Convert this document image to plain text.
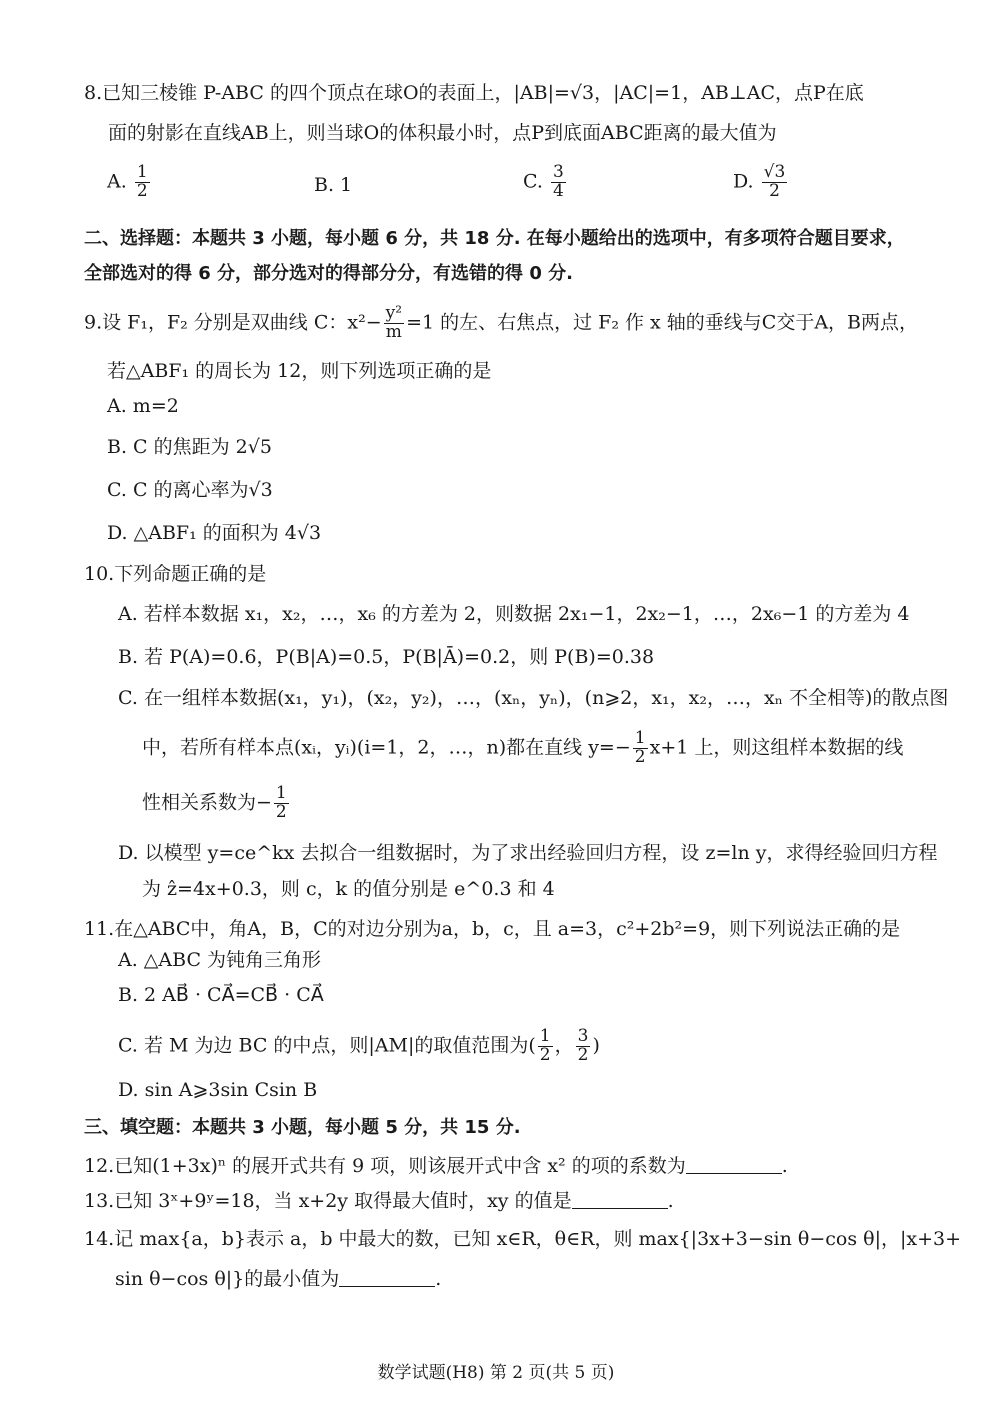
8.已知三棱锥 P-ABC 的四个顶点在球O的表面上，|AB|=√3，|AC|=1，AB⊥AC，点P在底
面的射影在直线AB上，则当球O的体积最小时，点P到底面ABC距离的最大值为
A. $\frac{1}{2}$	B. 1	C. $\frac{3}{4}$	D. $\frac{√3}{2}$
二、选择题：本题共 3 小题，每小题 6 分，共 18 分. 在每小题给出的选项中，有多项符合题目要求，
全部选对的得 6 分，部分选对的得部分分，有选错的得 0 分.
9.设 F₁，F₂ 分别是双曲线 C：$x^2- \frac{\text{y²}}{m} =1$ 的左、右焦点，过 F₂ 作 x 轴的垂线与C交于A，B两点，
若△ABF₁ 的周长为 12，则下列选项正确的是
A. m=2
B. C 的焦距为 2√5
C. C 的离心率为√3
D. △ABF₁ 的面积为 4√3
10.下列命题正确的是
A. 若样本数据 x₁，x₂，…，x₆ 的方差为 2，则数据 2x₁−1，2x₂−1，…，2x₆−1 的方差为 4
B. 若 P(A)=0.6，P(B|A)=0.5，P(B|Ā)=0.2，则 P(B)=0.38
C. 在一组样本数据(x₁，y₁)，(x₂，y₂)，…，(xₙ，yₙ)，(n⩾2，x₁，x₂，…，xₙ 不全相等)的散点图
中，若所有样本点(xᵢ，yᵢ)(i=1，2，…，n)都在直线 $y=- \frac{1}{2} x+1$ 上，则这组样本数据的线
性相关系数为− $\frac{1}{2}$
D. 以模型 y=ce^kx 去拟合一组数据时，为了求出经验回归方程，设 z=ln y，求得经验回归方程
为 ẑ=4x+0.3，则 c，k 的值分别是 e^0.3 和 4
11.在△ABC中，角A，B，C的对边分别为a，b，c，且 a=3，c²+2b²=9，则下列说法正确的是
A. △ABC 为钝角三角形
B. 2 AB⃗ · CA⃗=CB⃗ · CA⃗
C. 若 M 为边 BC 的中点，则|AM|的取值范围为( $\frac{1}{2}$ ， $\frac{3}{2}$ )
D. sin A⩾3sin Csin B
三、填空题：本题共 3 小题，每小题 5 分，共 15 分.
12.已知(1+3x)ⁿ 的展开式共有 9 项，则该展开式中含 x² 的项的系数为	.
13.已知 3ˣ+9ʸ=18，当 x+2y 取得最大值时，xy 的值是	.
14.记 max{a，b}表示 a，b 中最大的数，已知 x∈R，θ∈R，则 max{|3x+3−sin θ−cos θ|，|x+3+
sin θ−cos θ|}的最小值为	.
数学试题(H8) 第 2 页(共 5 页)
